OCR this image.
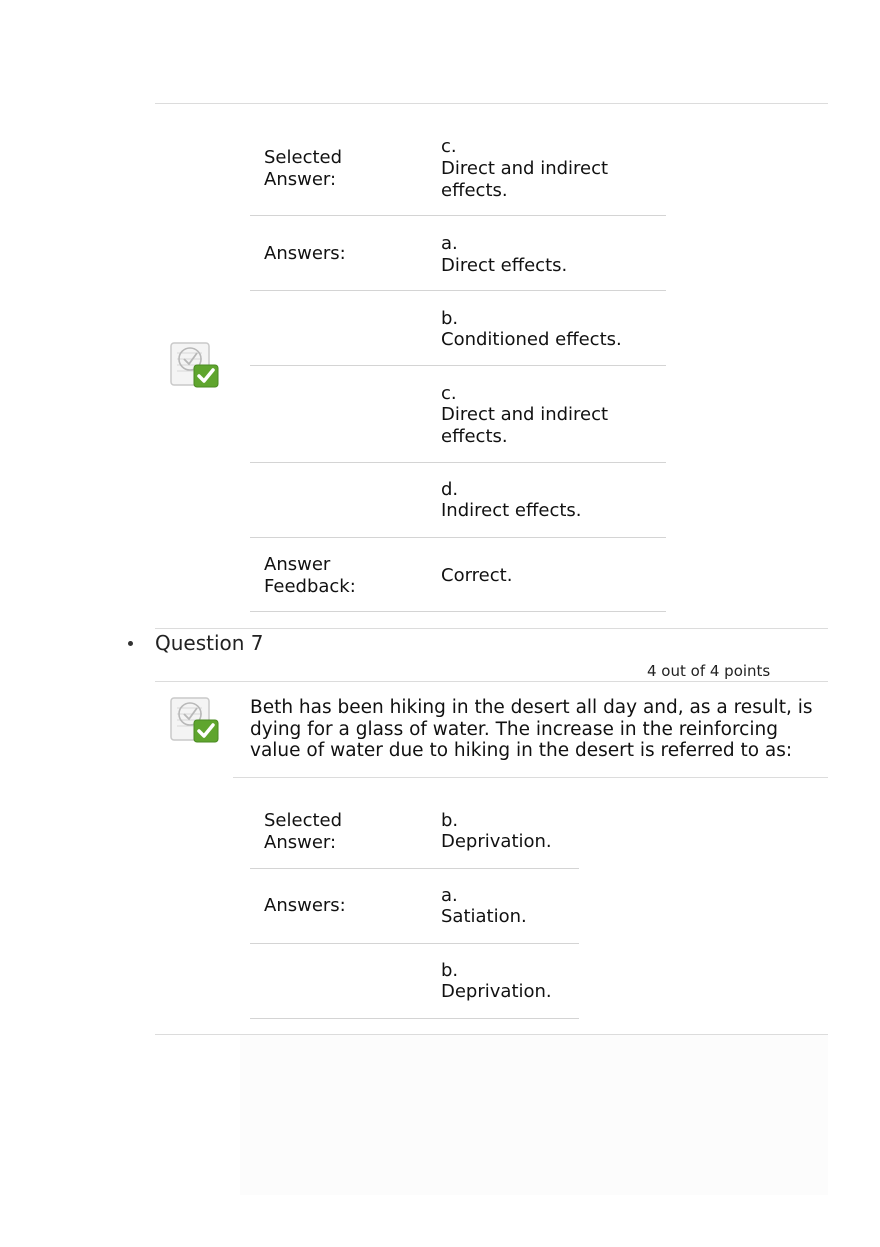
Selected Answer:
c.
Direct and indirect effects.
Answers:	a.
Direct effects.
b.
Conditioned effects.
c.
Direct and indirect effects.
d.
Indirect effects.
Answer Feedback:
Correct.
Question 7
4 out of 4 points
Beth has been hiking in the desert all day and, as a result, is dying for a glass of water. The increase in the reinforcing value of water due to hiking in the desert is referred to as:
Selected Answer:
b.
Deprivation.
Answers:	a.
Satiation.
b.
Deprivation.
